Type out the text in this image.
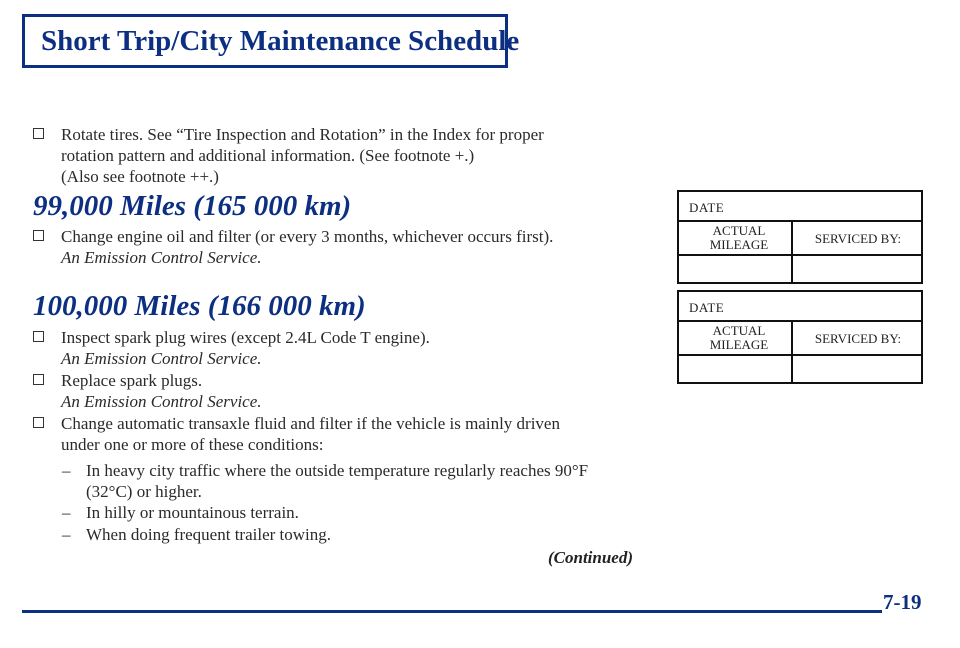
Short Trip/City Maintenance Schedule
Rotate tires. See “Tire Inspection and Rotation” in the Index for proper
rotation pattern and additional information. (See footnote +.)
(Also see footnote ++.)
99,000 Miles (165 000 km)
Change engine oil and filter (or every 3 months, whichever occurs first).
An Emission Control Service.
100,000 Miles (166 000 km)
Inspect spark plug wires (except 2.4L Code T engine).
An Emission Control Service.
Replace spark plugs.
An Emission Control Service.
Change automatic transaxle fluid and filter if the vehicle is mainly driven
under one or more of these conditions:
– In heavy city traffic where the outside temperature regularly reaches 90°F
(32°C) or higher.
– In hilly or mountainous terrain.
– When doing frequent trailer towing.
(Continued)
DATE
ACTUAL
MILEAGE	SERVICED BY:
DATE
ACTUAL
MILEAGE	SERVICED BY:
7-19
